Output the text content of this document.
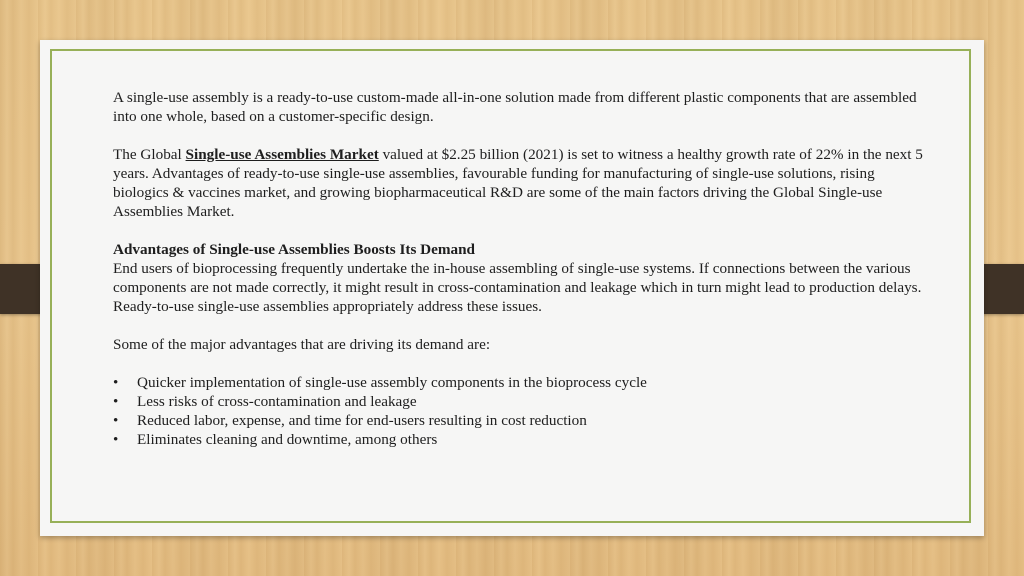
A single-use assembly is a ready-to-use custom-made all-in-one solution made from different plastic components that are assembled into one whole, based on a customer-specific design.

The Global Single-use Assemblies Market valued at $2.25 billion (2021) is set to witness a healthy growth rate of 22% in the next 5 years. Advantages of ready-to-use single-use assemblies, favourable funding for manufacturing of single-use solutions, rising biologics & vaccines market, and growing biopharmaceutical R&D are some of the main factors driving the Global Single-use Assemblies Market.

Advantages of Single-use Assemblies Boosts Its Demand

End users of bioprocessing frequently undertake the in-house assembling of single-use systems. If connections between the various components are not made correctly, it might result in cross-contamination and leakage which in turn might lead to production delays. Ready-to-use single-use assemblies appropriately address these issues.

Some of the major advantages that are driving its demand are:

• Quicker implementation of single-use assembly components in the bioprocess cycle
• Less risks of cross-contamination and leakage
• Reduced labor, expense, and time for end-users resulting in cost reduction
• Eliminates cleaning and downtime, among others
